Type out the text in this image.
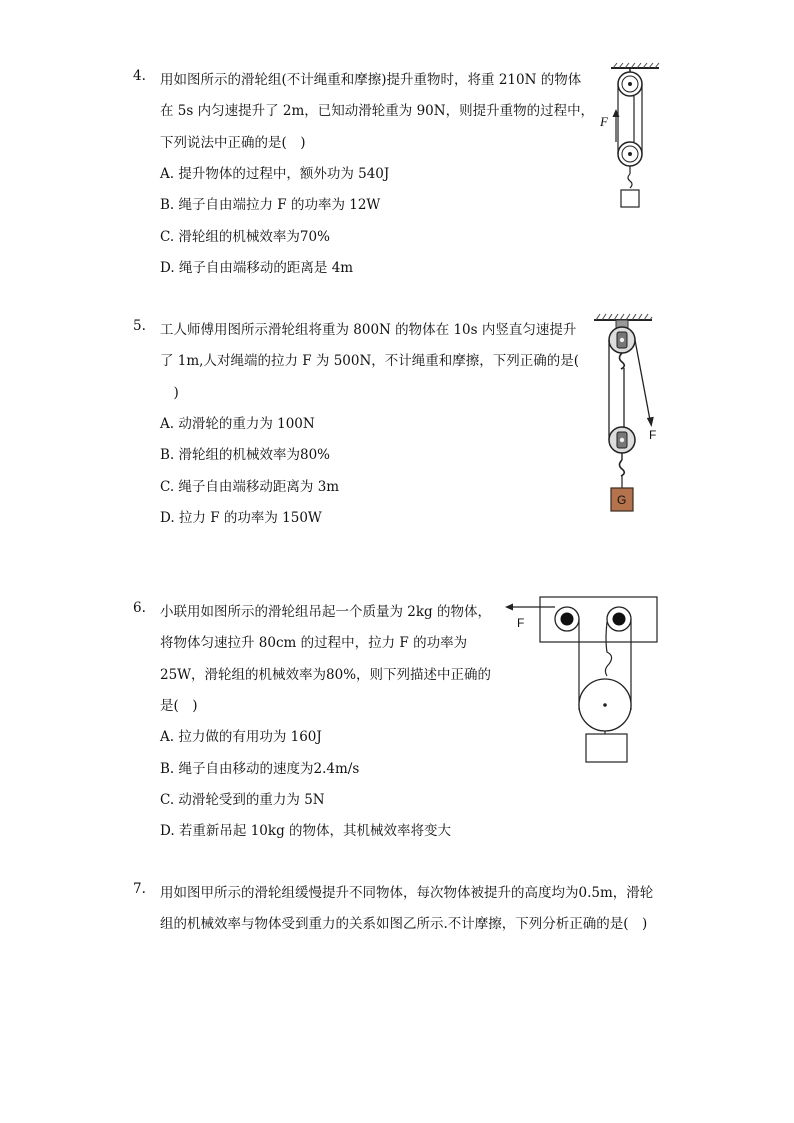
4. 用如图所示的滑轮组(不计绳重和摩擦)提升重物时，将重 210N 的物体
在 5s 内匀速提升了 2m，已知动滑轮重为 90N，则提升重物的过程中，
下列说法中正确的是(　)
A. 提升物体的过程中，额外功为 540J
B. 绳子自由端拉力 F 的功率为 12W
C. 滑轮组的机械效率为70%
D. 绳子自由端移动的距离是 4m
F
5. 工人师傅用图所示滑轮组将重为 800N 的物体在 10s 内竖直匀速提升
了 1m,人对绳端的拉力 F 为 500N，不计绳重和摩擦，下列正确的是(
　)
A. 动滑轮的重力为 100N
B. 滑轮组的机械效率为80%
C. 绳子自由端移动距离为 3m
D. 拉力 F 的功率为 150W
F
G
6. 小联用如图所示的滑轮组吊起一个质量为 2kg 的物体，
将物体匀速拉升 80cm 的过程中，拉力 F 的功率为
25W，滑轮组的机械效率为80%，则下列描述中正确的
是(　)
A. 拉力做的有用功为 160J
B. 绳子自由移动的速度为2.4m/s
C. 动滑轮受到的重力为 5N
D. 若重新吊起 10kg 的物体，其机械效率将变大
F
7. 用如图甲所示的滑轮组缓慢提升不同物体，每次物体被提升的高度均为0.5m，滑轮
组的机械效率与物体受到重力的关系如图乙所示.不计摩擦，下列分析正确的是(　)
